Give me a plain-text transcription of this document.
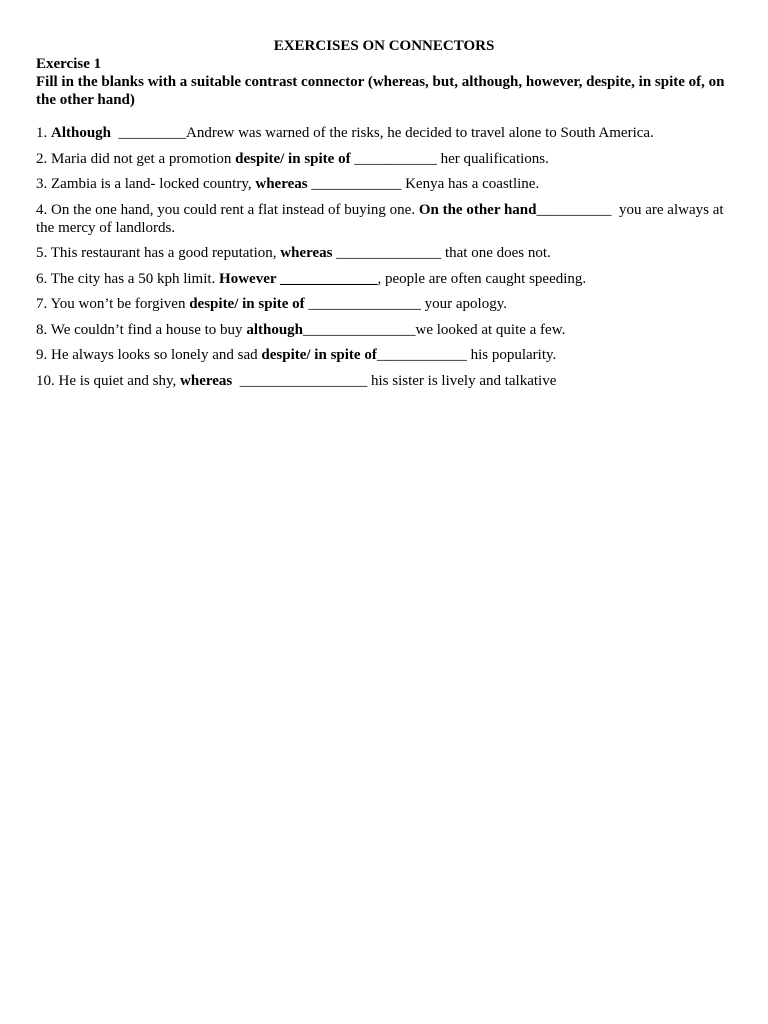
EXERCISES ON CONNECTORS

Exercise 1

Fill in the blanks with a suitable contrast connector (whereas, but, although, however, despite, in spite of, on the other hand)

1. Although  _________Andrew was warned of the risks, he decided to travel alone to South America.
2. Maria did not get a promotion despite/ in spite of ___________ her qualifications.
3. Zambia is a land- locked country, whereas ____________ Kenya has a coastline.
4. On the one hand, you could rent a flat instead of buying one. On the other hand__________  you are always at the mercy of landlords.
5. This restaurant has a good reputation, whereas ______________ that one does not.
6. The city has a 50 kph limit. However _____________, people are often caught speeding.
7. You won’t be forgiven despite/ in spite of _______________ your apology.
8. We couldn’t find a house to buy although_______________we looked at quite a few.
9. He always looks so lonely and sad despite/ in spite of____________ his popularity.
10. He is quiet and shy, whereas  _________________ his sister is lively and talkative
